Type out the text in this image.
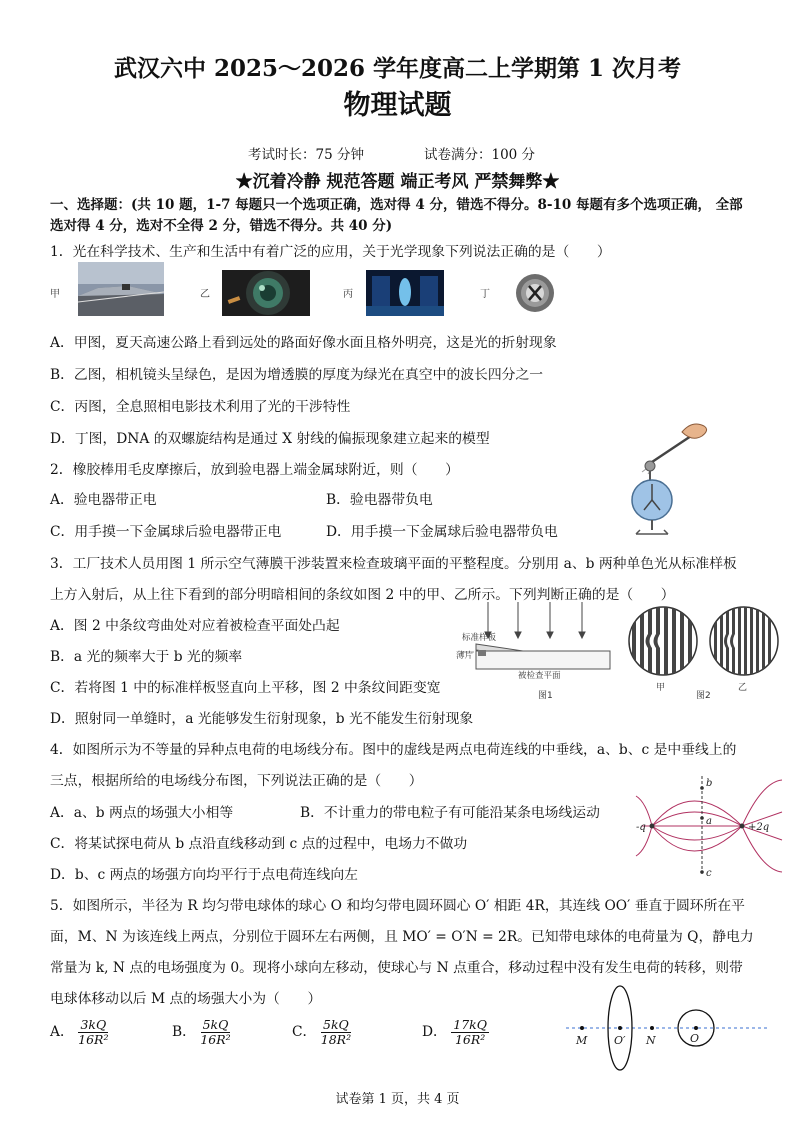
武汉六中 2025～2026 学年度高二上学期第 1 次月考
物理试题
考试时长：75 分钟	试卷满分：100 分
★沉着冷静 规范答题 端正考风 严禁舞弊★
一、选择题：(共 10 题，1-7 每题只一个选项正确，选对得 4 分，错选不得分。8-10 每题有多个选项正确， 全部
选对得 4 分，选对不全得 2 分，错选不得分。共 40 分)
1．光在科学技术、生产和生活中有着广泛的应用，关于光学现象下列说法正确的是（　　）
甲	乙	丙	丁
A．甲图，夏天高速公路上看到远处的路面好像水面且格外明亮，这是光的折射现象
B．乙图，相机镜头呈绿色，是因为增透膜的厚度为绿光在真空中的波长四分之一
C．丙图，全息照相电影技术利用了光的干涉特性
D．丁图，DNA 的双螺旋结构是通过 X 射线的偏振现象建立起来的模型
2．橡胶棒用毛皮摩擦后，放到验电器上端金属球附近，则（　　）
A．验电器带正电	B．验电器带负电
C．用手摸一下金属球后验电器带正电	D．用手摸一下金属球后验电器带负电
3．工厂技术人员用图 1 所示空气薄膜干涉装置来检查玻璃平面的平整程度。分别用 a、b 两种单色光从标准样板
上方入射后，从上往下看到的部分明暗相间的条纹如图 2 中的甲、乙所示。下列判断正确的是（　　）
A．图 2 中条纹弯曲处对应着被检查平面处凸起
B．a 光的频率大于 b 光的频率
C．若将图 1 中的标准样板竖直向上平移，图 2 中条纹间距变宽
D．照射同一单缝时，a 光能够发生衍射现象，b 光不能发生衍射现象
标准样板
薄片
被检查平面
图1
甲
图2
乙
4．如图所示为不等量的异种点电荷的电场线分布。图中的虚线是两点电荷连线的中垂线，a、b、c 是中垂线上的
三点，根据所给的电场线分布图，下列说法正确的是（　　）
A．a、b 两点的场强大小相等	B．不计重力的带电粒子有可能沿某条电场线运动
C．将某试探电荷从 b 点沿直线移动到 c 点的过程中，电场力不做功
D．b、c 两点的场强方向均平行于点电荷连线向左
-q	+2q
a
b
c
5．如图所示，半径为 R 均匀带电球体的球心 O 和均匀带电圆环圆心 O′ 相距 4R，其连线 OO′ 垂直于圆环所在平
面，M、N 为该连线上两点，分别位于圆环左右两侧，且 MO′ = O′N = 2R。已知带电球体的电荷量为 Q，静电力
常量为 k, N 点的电场强度为 0。现将小球向左移动，使球心与 N 点重合，移动过程中没有发生电荷的转移，则带
电球体移动以后 M 点的场强大小为（　　）
A． $\frac{3kQ}{\text{16R²}}$	B． $\frac{5kQ}{\text{16R²}}$	C． $\frac{5kQ}{\text{18R²}}$	D． $\frac{17kQ}{\text{16R²}}$	M O′ N	O
试卷第 1 页，共 4 页
